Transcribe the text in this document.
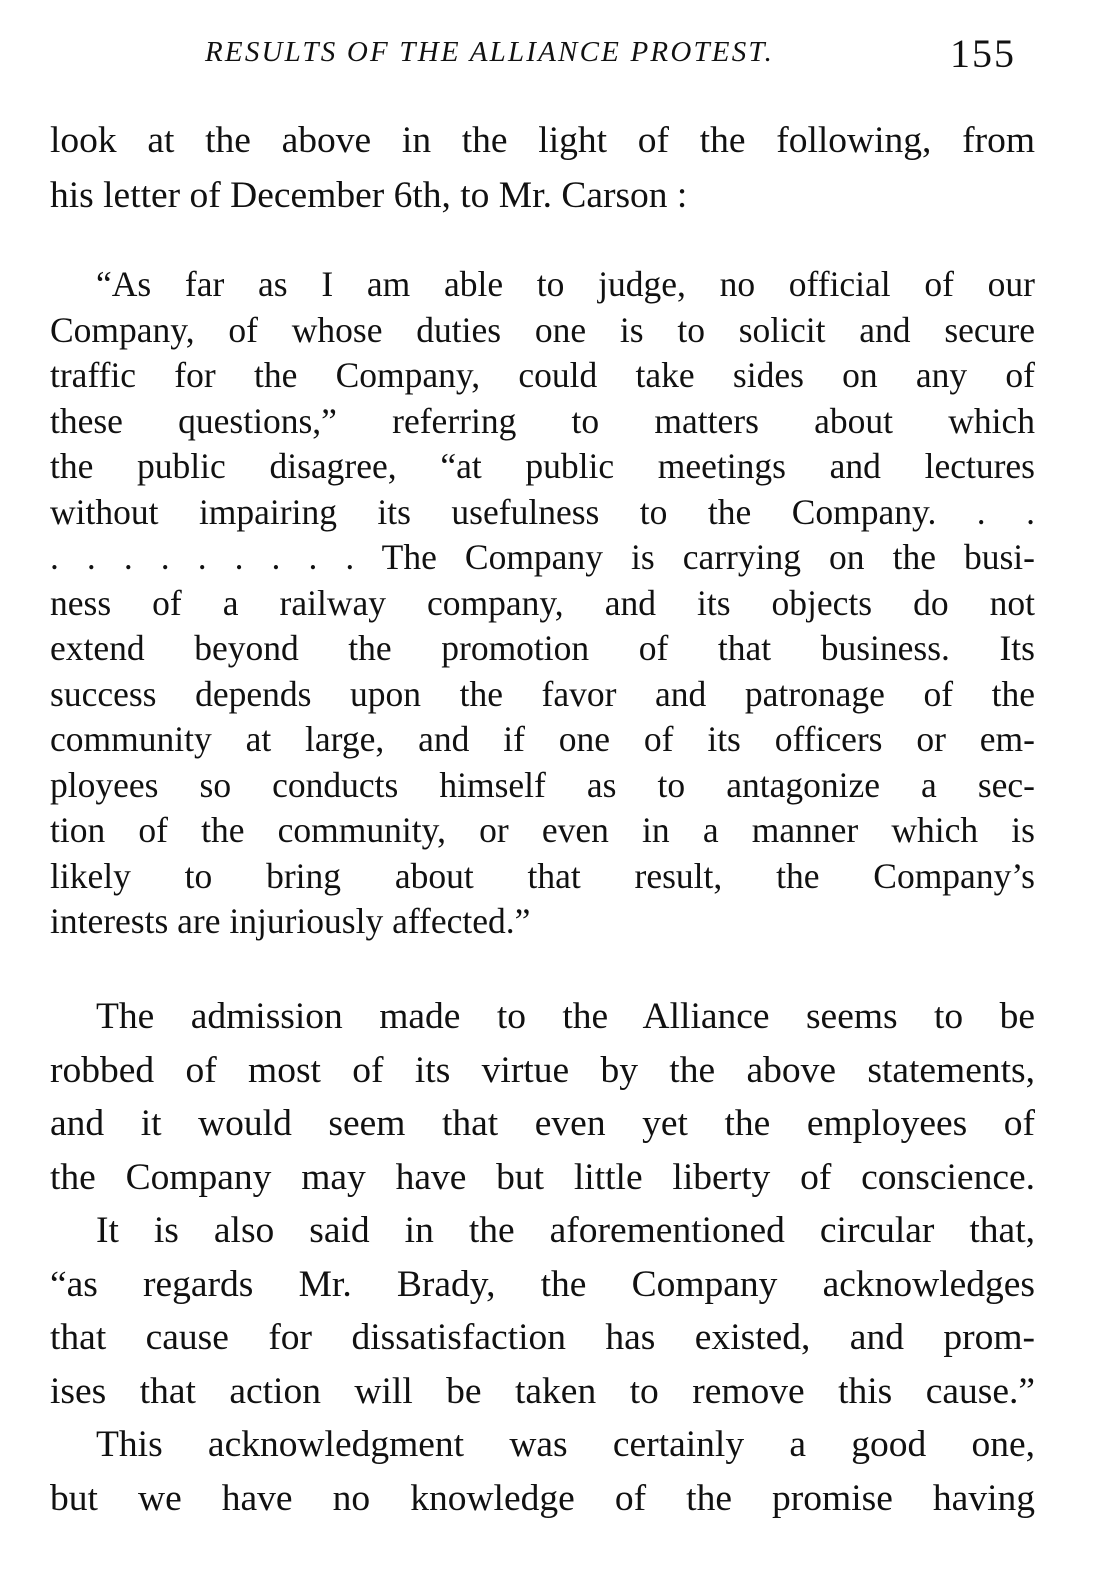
RESULTS OF THE ALLIANCE PROTEST.	155
look at the above in the light of the following, from
his letter of December 6th, to Mr. Carson :
“As far as I am able to judge, no official of our
Company, of whose duties one is to solicit and secure
traffic for the Company, could take sides on any of
these questions,” referring to matters about which
the public disagree, “at public meetings and lectures
without impairing its usefulness to the Company. . .
. . . . . . . . . The Company is carrying on the busi-
ness of a railway company, and its objects do not
extend beyond the promotion of that business. Its
success depends upon the favor and patronage of the
community at large, and if one of its officers or em-
ployees so conducts himself as to antagonize a sec-
tion of the community, or even in a manner which is
likely to bring about that result, the Company’s
interests are injuriously affected.”
The admission made to the Alliance seems to be
robbed of most of its virtue by the above statements,
and it would seem that even yet the employees of
the Company may have but little liberty of conscience.
It is also said in the aforementioned circular that,
“as regards Mr. Brady, the Company acknowledges
that cause for dissatisfaction has existed, and prom-
ises that action will be taken to remove this cause.”
This acknowledgment was certainly a good one,
but we have no knowledge of the promise having
